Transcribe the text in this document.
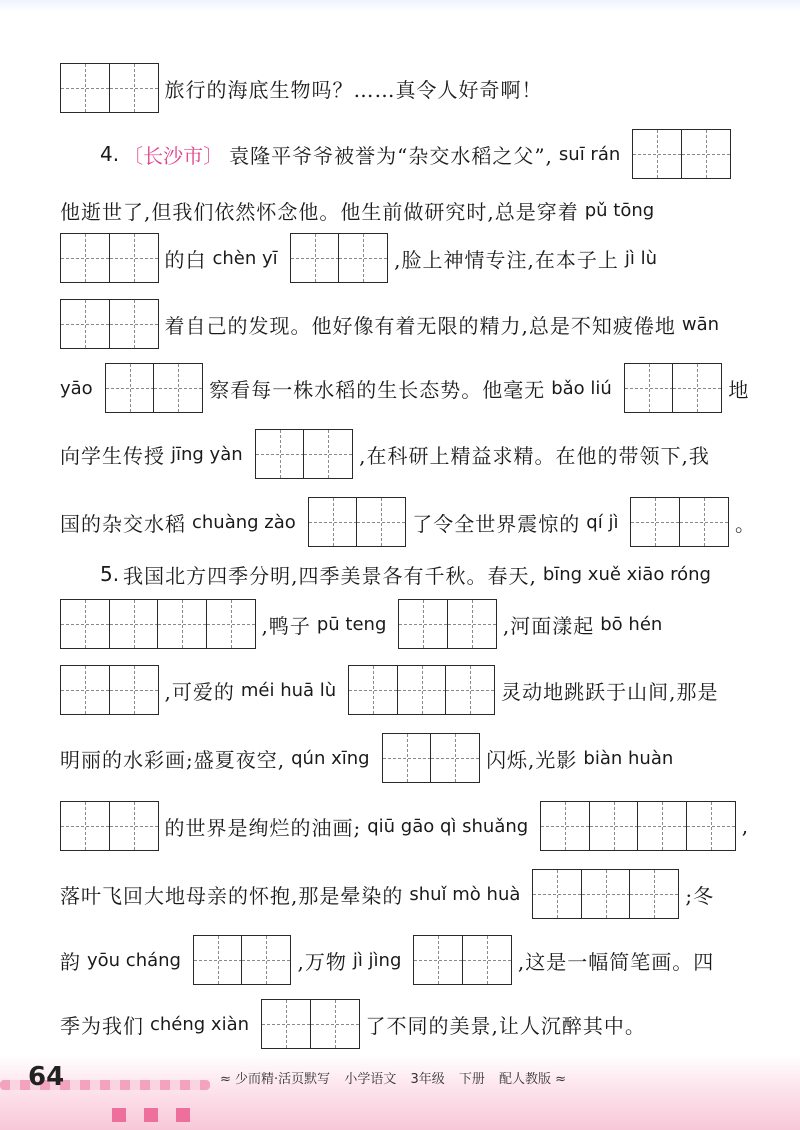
旅行的海底生物吗？……真令人好奇啊！
4. 〔长沙市〕 袁隆平爷爷被誉为“杂交水稻之父”, suī rán
他逝世了,但我们依然怀念他。他生前做研究时,总是穿着 pǔ tōng
的白 chèn yī	,脸上神情专注,在本子上 jì lù
着自己的发现。他好像有着无限的精力,总是不知疲倦地 wān
yāo	察看每一株水稻的生长态势。他毫无 bǎo liú	地
向学生传授 jīng yàn	,在科研上精益求精。在他的带领下,我
国的杂交水稻 chuàng zào	了令全世界震惊的 qí jì	。
5. 我国北方四季分明,四季美景各有千秋。春天, bīng xuě xiāo róng
,鸭子 pū teng	,河面漾起 bō hén
,可爱的 méi huā lù	灵动地跳跃于山间,那是
明丽的水彩画;盛夏夜空, qún xīng	闪烁,光影 biàn huàn
的世界是绚烂的油画; qiū gāo qì shuǎng	,
落叶飞回大地母亲的怀抱,那是晕染的 shuǐ mò huà	;冬
韵 yōu cháng	,万物 jì jìng	,这是一幅简笔画。四
季为我们 chéng xiàn	了不同的美景,让人沉醉其中。
64	≈ 少而精·活页默写 小学语文 3年级 下册 配人教版 ≈
